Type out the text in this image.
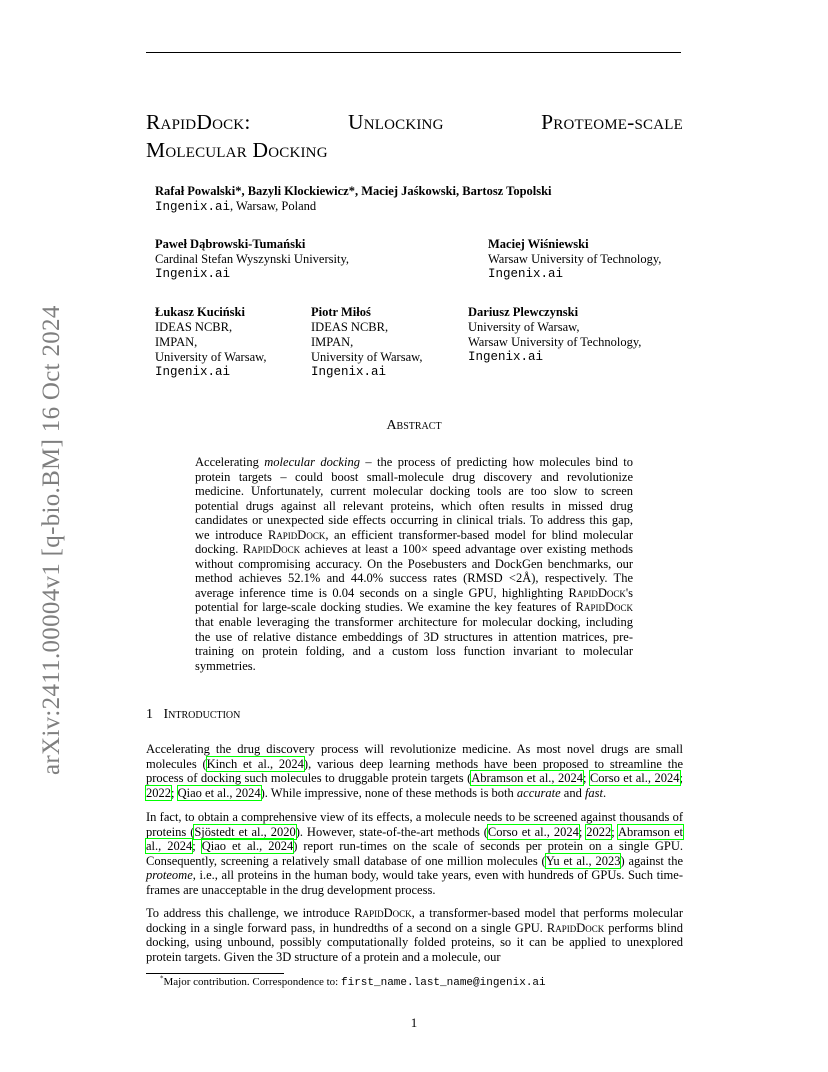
arXiv:2411.00004v1 [q-bio.BM] 16 Oct 2024
RapidDock:	Unlocking	Proteome-scale
Molecular Docking
Rafał Powalski*, Bazyli Klockiewicz*, Maciej Jaśkowski, Bartosz Topolski
Ingenix.ai, Warsaw, Poland
Paweł Dąbrowski-Tumański
Cardinal Stefan Wyszynski University,
Ingenix.ai
Maciej Wiśniewski
Warsaw University of Technology,
Ingenix.ai
Łukasz Kuciński
IDEAS NCBR,
IMPAN,
University of Warsaw,
Ingenix.ai
Piotr Miłoś
IDEAS NCBR,
IMPAN,
University of Warsaw,
Ingenix.ai
Dariusz Plewczynski
University of Warsaw,
Warsaw University of Technology,
Ingenix.ai
Abstract
Accelerating molecular docking – the process of predicting how molecules bind to protein targets – could boost small-molecule drug discovery and revolutionize medicine. Unfortunately, current molecular docking tools are too slow to screen potential drugs against all relevant proteins, which often results in missed drug candidates or unexpected side effects occurring in clinical trials. To address this gap, we introduce RapidDock, an efficient transformer-based model for blind molecular docking. RapidDock achieves at least a 100× speed advantage over existing methods without compromising accuracy. On the Posebusters and DockGen benchmarks, our method achieves 52.1% and 44.0% success rates (RMSD <2Å), respectively. The average inference time is 0.04 seconds on a single GPU, highlighting RapidDock's potential for large-scale docking studies. We examine the key features of RapidDock that enable leveraging the transformer architecture for molecular docking, including the use of relative distance embeddings of 3D structures in attention matrices, pre-training on protein folding, and a custom loss function invariant to molecular symmetries.
1 Introduction
Accelerating the drug discovery process will revolutionize medicine. As most novel drugs are small molecules (Kinch et al., 2024), various deep learning methods have been proposed to streamline the process of docking such molecules to druggable protein targets (Abramson et al., 2024; Corso et al., 2024; 2022; Qiao et al., 2024). While impressive, none of these methods is both accurate and fast.
In fact, to obtain a comprehensive view of its effects, a molecule needs to be screened against thousands of proteins (Sjöstedt et al., 2020). However, state-of-the-art methods (Corso et al., 2024; 2022; Abramson et al., 2024; Qiao et al., 2024) report run-times on the scale of seconds per protein on a single GPU. Consequently, screening a relatively small database of one million molecules (Yu et al., 2023) against the proteome, i.e., all proteins in the human body, would take years, even with hundreds of GPUs. Such time-frames are unacceptable in the drug development process.
To address this challenge, we introduce RapidDock, a transformer-based model that performs molecular docking in a single forward pass, in hundredths of a second on a single GPU. RapidDock performs blind docking, using unbound, possibly computationally folded proteins, so it can be applied to unexplored protein targets. Given the 3D structure of a protein and a molecule, our
*Major contribution. Correspondence to: first_name.last_name@ingenix.ai
1
